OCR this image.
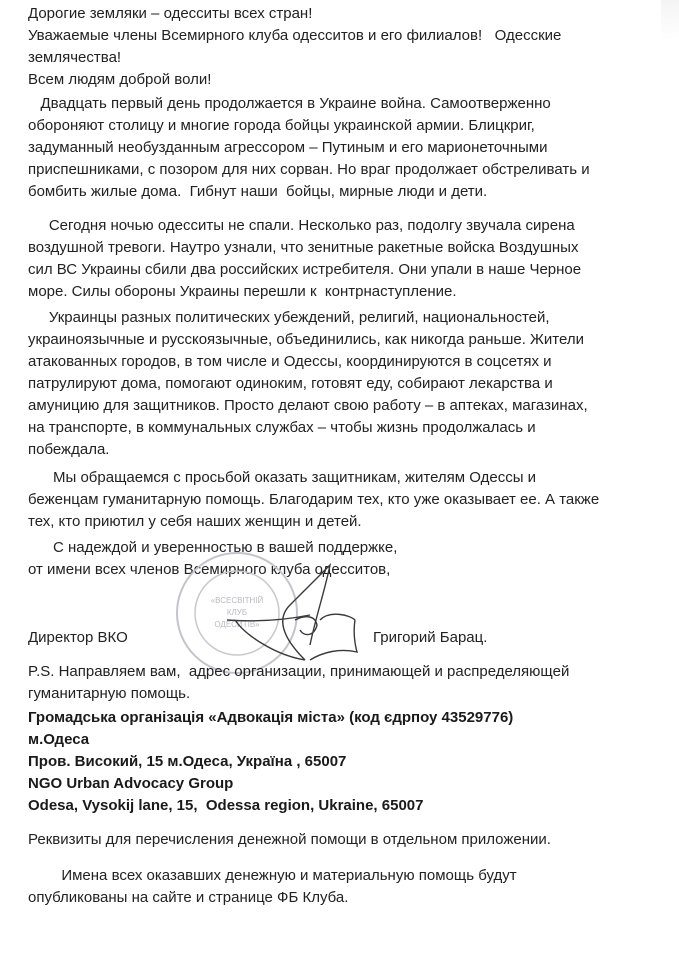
Дорогие земляки – одесситы всех стран!
Уважаемые члены Всемирного клуба одесситов и его филиалов!   Одесские
землячества!
Всем людям доброй воли!
Двадцать первый день продолжается в Украине война. Самоотверженно
обороняют столицу и многие города бойцы украинской армии. Блицкриг,
задуманный необузданным агрессором – Путиным и его марионеточными
приспешниками, с позором для них сорван. Но враг продолжает обстреливать и
бомбить жилые дома.  Гибнут наши  бойцы, мирные люди и дети.
Сегодня ночью одесситы не спали. Несколько раз, подолгу звучала сирена
воздушной тревоги. Наутро узнали, что зенитные ракетные войска Воздушных
сил ВС Украины сбили два российских истребителя. Они упали в наше Черное
море. Силы обороны Украины перешли к  контрнаступление.
Украинцы разных политических убеждений, религий, национальностей,
украиноязычные и русскоязычные, объединились, как никогда раньше. Жители
атакованных городов, в том числе и Одессы, координируются в соцсетях и
патрулируют дома, помогают одиноким, готовят еду, собирают лекарства и
амуницию для защитников. Просто делают свою работу – в аптеках, магазинах,
на транспорте, в коммунальных службах – чтобы жизнь продолжалась и
побеждала.
Мы обращаемся с просьбой оказать защитникам, жителям Одессы и
беженцам гуманитарную помощь. Благодарим тех, кто уже оказывает ее. А также
тех, кто приютил у себя наших женщин и детей.
С надеждой и уверенностью в вашей поддержке,
от имени всех членов Всемирного клуба одесситов,
«ВСЕСВІТНІЙ
КЛУБ
ОДЕСИТІВ»
Директор ВКО	Григорий Барац.
P.S. Направляем вам,  адрес организации, принимающей и распределяющей
гуманитарную помощь.
Громадська організація «Адвокація міста» (код єдрпоу 43529776)
м.Одеса
Пров. Високий, 15 м.Одеса, Україна , 65007
NGO Urban Advocacy Group
Odesa, Vysokij lane, 15,  Odessa region, Ukraine, 65007
Реквизиты для перечисления денежной помощи в отдельном приложении.
Имена всех оказавших денежную и материальную помощь будут
опубликованы на сайте и странице ФБ Клуба.
